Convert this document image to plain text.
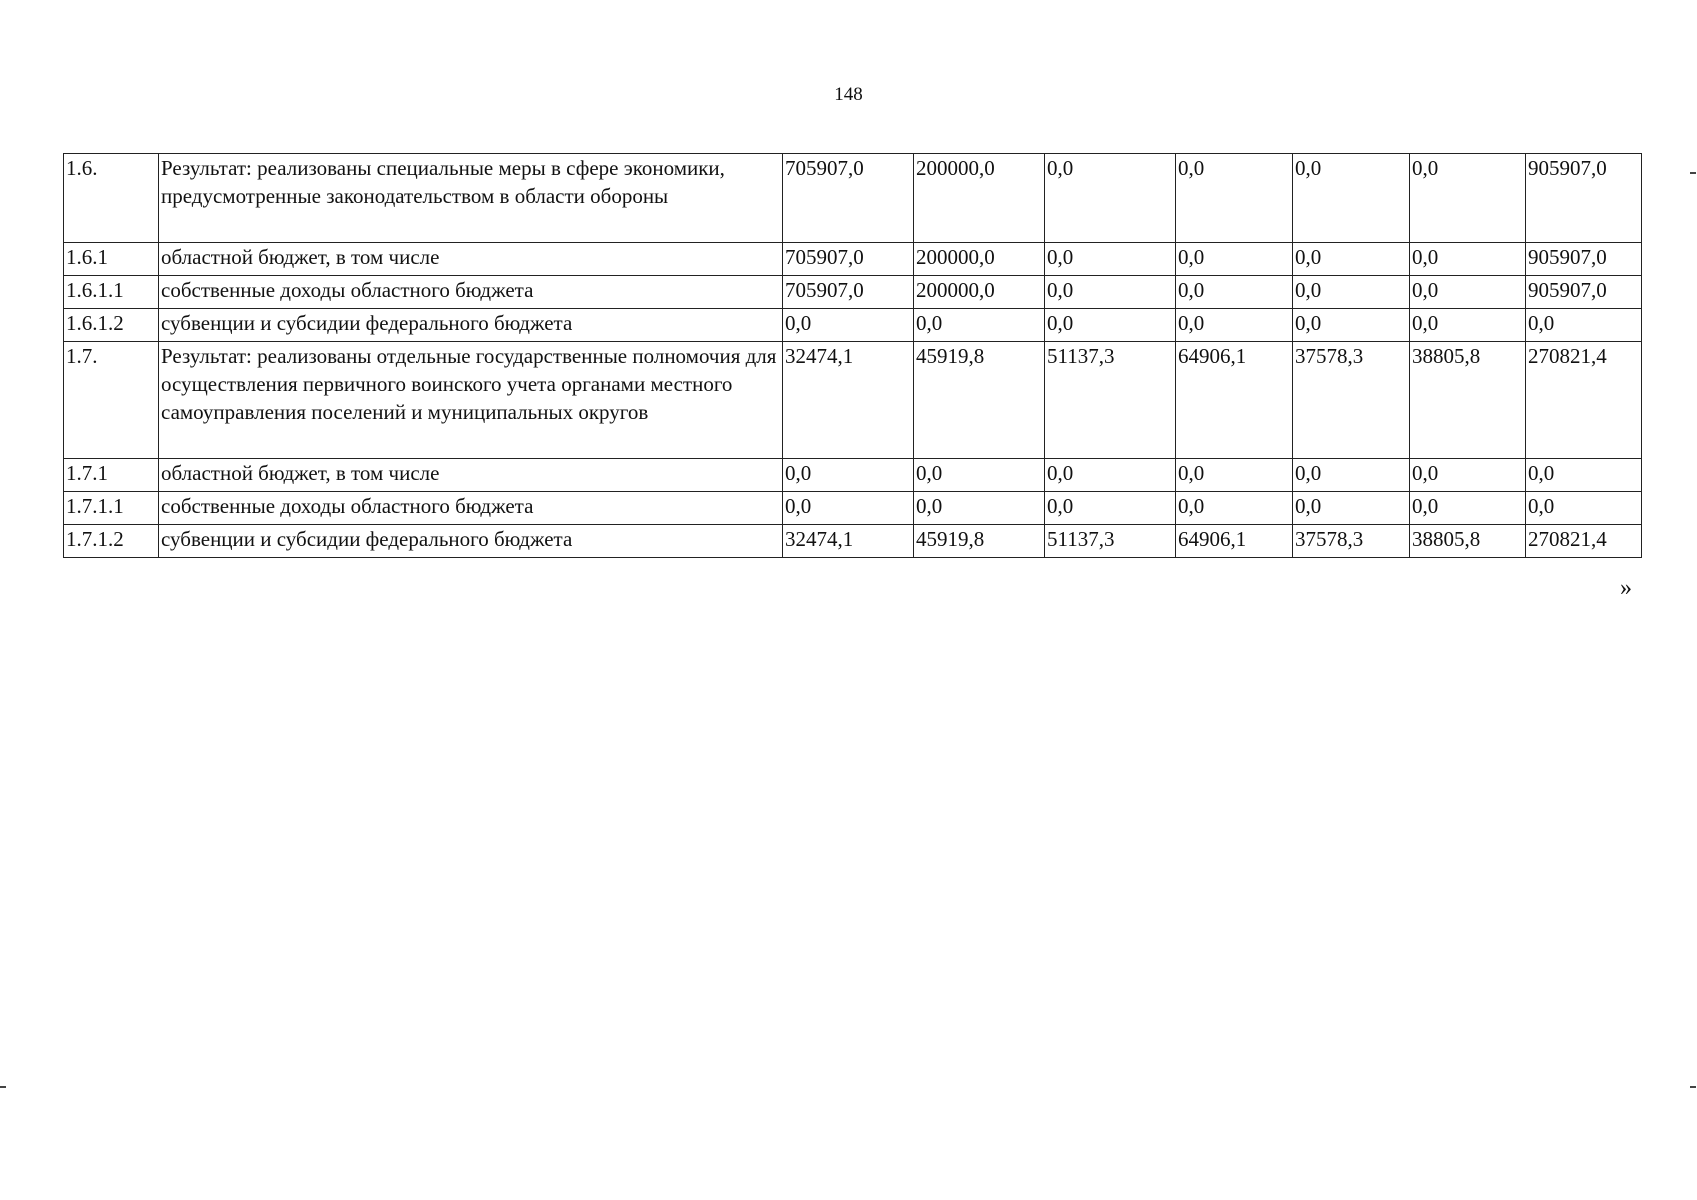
148
1.6.	Результат: реализованы специальные меры в сфере экономики, предусмотренные законодательством в области обороны	705907,0	200000,0	0,0	0,0	0,0	0,0	905907,0
1.6.1	областной бюджет, в том числе	705907,0	200000,0	0,0	0,0	0,0	0,0	905907,0
1.6.1.1	собственные доходы областного бюджета	705907,0	200000,0	0,0	0,0	0,0	0,0	905907,0
1.6.1.2	субвенции и субсидии федерального бюджета	0,0	0,0	0,0	0,0	0,0	0,0	0,0
1.7.	Результат: реализованы отдельные государственные полномочия для осуществления первичного воинского учета органами местного самоуправления поселений и муниципальных округов	32474,1	45919,8	51137,3	64906,1	37578,3	38805,8	270821,4
1.7.1	областной бюджет, в том числе	0,0	0,0	0,0	0,0	0,0	0,0	0,0
1.7.1.1	собственные доходы областного бюджета	0,0	0,0	0,0	0,0	0,0	0,0	0,0
1.7.1.2	субвенции и субсидии федерального бюджета	32474,1	45919,8	51137,3	64906,1	37578,3	38805,8	270821,4
»
